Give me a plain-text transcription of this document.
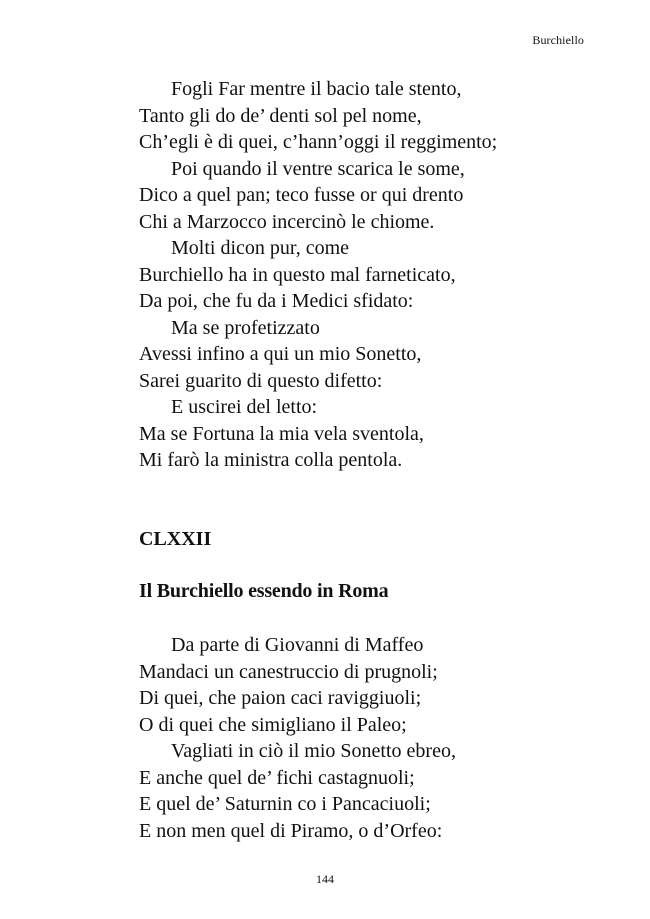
Burchiello
Fogli Far mentre il bacio tale stento,
Tanto gli do de’ denti sol pel nome,
Ch’egli è di quei, c’hann’oggi il reggimento;
Poi quando il ventre scarica le some,
Dico a quel pan; teco fusse or qui drento
Chi a Marzocco incercinò le chiome.
Molti dicon pur, come
Burchiello ha in questo mal farneticato,
Da poi, che fu da i Medici sfidato:
Ma se profetizzato
Avessi infino a qui un mio Sonetto,
Sarei guarito di questo difetto:
E uscirei del letto:
Ma se Fortuna la mia vela sventola,
Mi farò la ministra colla pentola.
CLXXII
Il Burchiello essendo in Roma
Da parte di Giovanni di Maffeo
Mandaci un canestruccio di prugnoli;
Di quei, che paion caci raviggiuoli;
O di quei che simigliano il Paleo;
Vagliati in ciò il mio Sonetto ebreo,
E anche quel de’ fichi castagnuoli;
E quel de’ Saturnin co i Pancaciuoli;
E non men quel di Piramo, o d’Orfeo:
144
